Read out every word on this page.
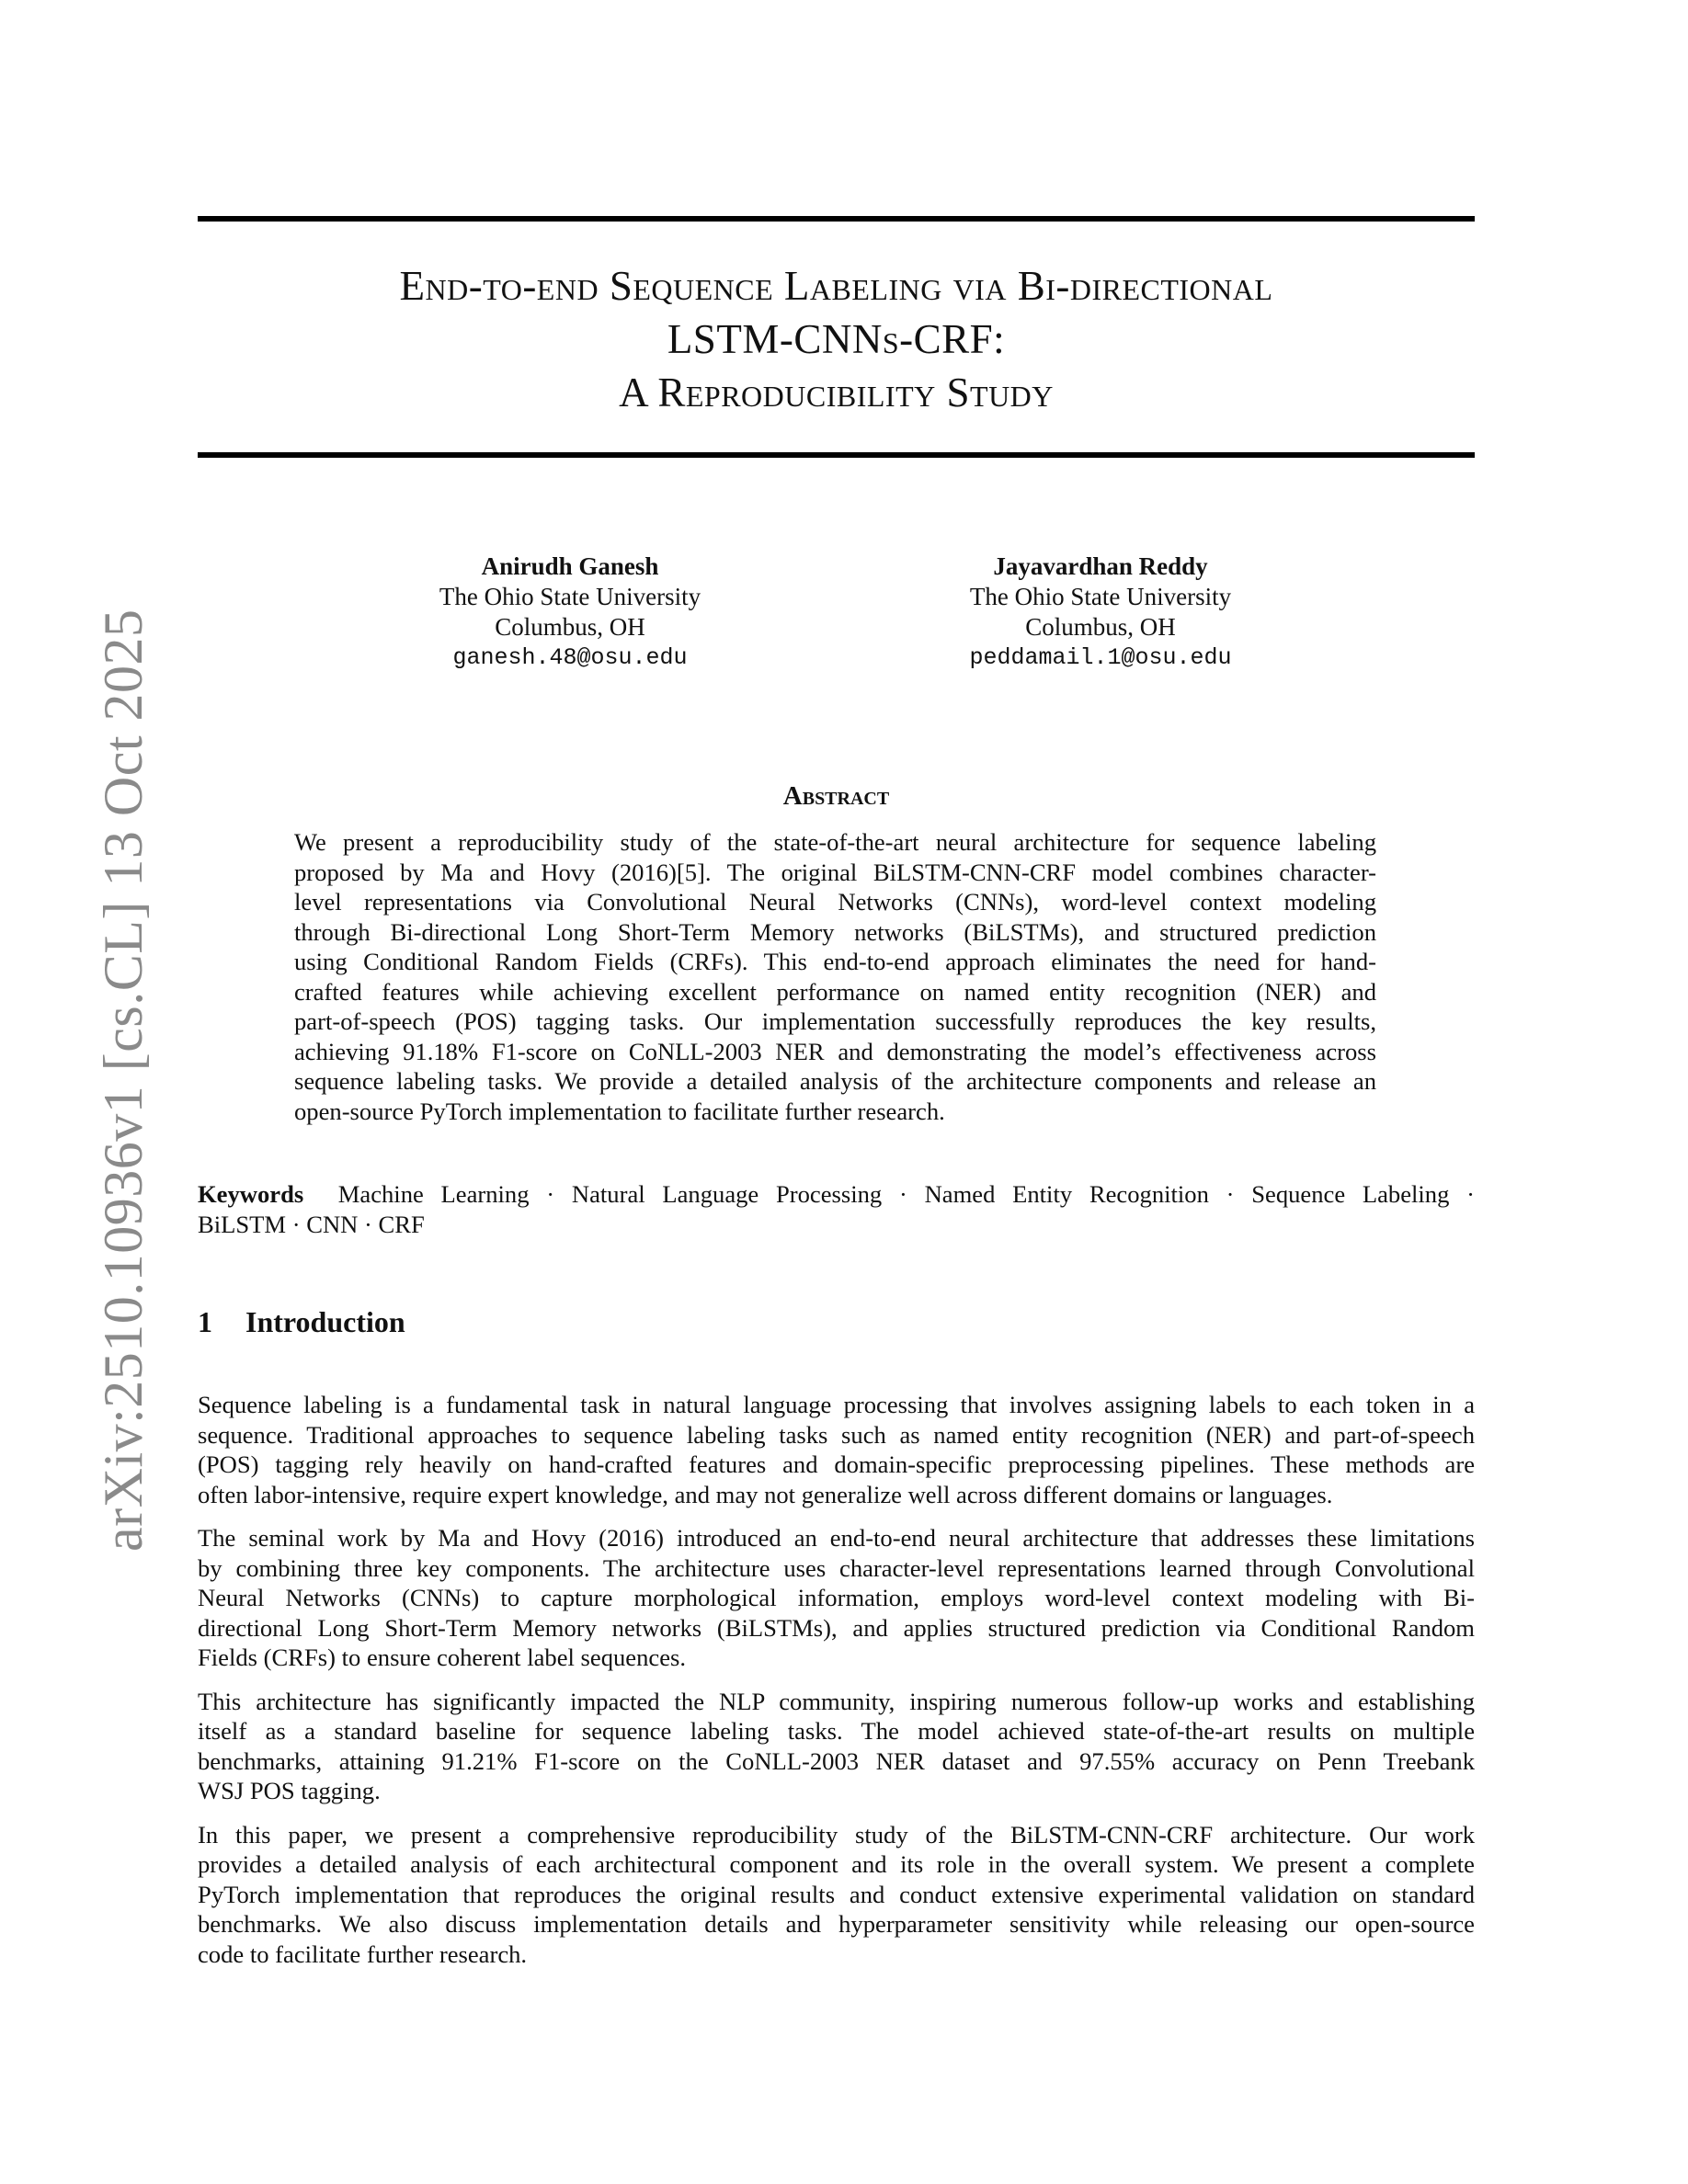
arXiv:2510.10936v1 [cs.CL] 13 Oct 2025
End-to-end Sequence Labeling via Bi-directional
LSTM-CNNs-CRF:
A Reproducibility Study
Anirudh Ganesh
The Ohio State University
Columbus, OH
ganesh.48@osu.edu
Jayavardhan Reddy
The Ohio State University
Columbus, OH
peddamail.1@osu.edu
Abstract
We present a reproducibility study of the state-of-the-art neural architecture for sequence labeling
proposed by Ma and Hovy (2016)[5]. The original BiLSTM-CNN-CRF model combines character-
level representations via Convolutional Neural Networks (CNNs), word-level context modeling
through Bi-directional Long Short-Term Memory networks (BiLSTMs), and structured prediction
using Conditional Random Fields (CRFs). This end-to-end approach eliminates the need for hand-
crafted features while achieving excellent performance on named entity recognition (NER) and
part-of-speech (POS) tagging tasks. Our implementation successfully reproduces the key results,
achieving 91.18% F1-score on CoNLL-2003 NER and demonstrating the model’s effectiveness across
sequence labeling tasks. We provide a detailed analysis of the architecture components and release an
open-source PyTorch implementation to facilitate further research.
Keywords Machine Learning · Natural Language Processing · Named Entity Recognition · Sequence Labeling ·
BiLSTM · CNN · CRF
1 Introduction
Sequence labeling is a fundamental task in natural language processing that involves assigning labels to each token in a
sequence. Traditional approaches to sequence labeling tasks such as named entity recognition (NER) and part-of-speech
(POS) tagging rely heavily on hand-crafted features and domain-specific preprocessing pipelines. These methods are
often labor-intensive, require expert knowledge, and may not generalize well across different domains or languages.
The seminal work by Ma and Hovy (2016) introduced an end-to-end neural architecture that addresses these limitations
by combining three key components. The architecture uses character-level representations learned through Convolutional
Neural Networks (CNNs) to capture morphological information, employs word-level context modeling with Bi-
directional Long Short-Term Memory networks (BiLSTMs), and applies structured prediction via Conditional Random
Fields (CRFs) to ensure coherent label sequences.
This architecture has significantly impacted the NLP community, inspiring numerous follow-up works and establishing
itself as a standard baseline for sequence labeling tasks. The model achieved state-of-the-art results on multiple
benchmarks, attaining 91.21% F1-score on the CoNLL-2003 NER dataset and 97.55% accuracy on Penn Treebank
WSJ POS tagging.
In this paper, we present a comprehensive reproducibility study of the BiLSTM-CNN-CRF architecture. Our work
provides a detailed analysis of each architectural component and its role in the overall system. We present a complete
PyTorch implementation that reproduces the original results and conduct extensive experimental validation on standard
benchmarks. We also discuss implementation details and hyperparameter sensitivity while releasing our open-source
code to facilitate further research.
